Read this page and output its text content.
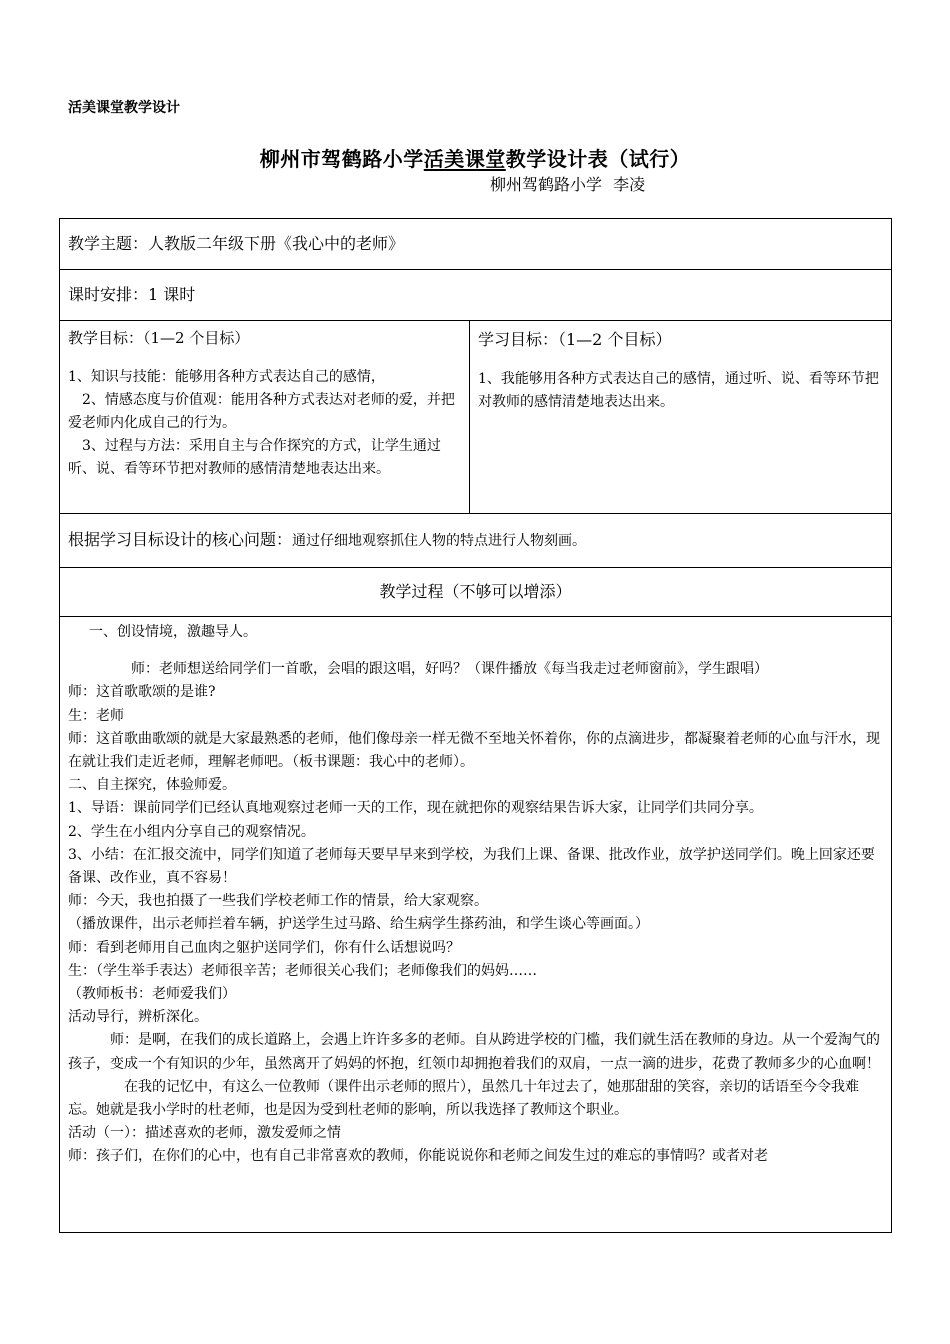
活美课堂教学设计
柳州市驾鹤路小学活美课堂教学设计表（试行）
柳州驾鹤路小学 李凌
教学主题：人教版二年级下册《我心中的老师》

课时安排：1 课时

教学目标：（1—2 个目标）

1、知识与技能：能够用各种方式表达自己的感情，

2、情感态度与价值观：能用各种方式表达对老师的爱，并把爱老师内化成自己的行为。

3、过程与方法：采用自主与合作探究的方式，让学生通过听、说、看等环节把对教师的感情清楚地表达出来。

学习目标：（1—2 个目标）
1、我能够用各种方式表达自己的感情，通过听、说、看等环节把对教师的感情清楚地表达出来。

根据学习目标设计的核心问题：通过仔细地观察抓住人物的特点进行人物刻画。

教学过程（不够可以增添）

一、创设情境，激趣导人。

师：老师想送给同学们一首歌，会唱的跟这唱，好吗？（课件播放《每当我走过老师窗前》，学生跟唱）

师：这首歌歌颂的是谁?

生：老师

师：这首歌曲歌颂的就是大家最熟悉的老师，他们像母亲一样无微不至地关怀着你，你的点滴进步，都凝聚着老师的心血与汗水，现在就让我们走近老师，理解老师吧。（板书课题：我心中的老师）。

二、自主探究，体验师爱。

1、导语：课前同学们已经认真地观察过老师一天的工作，现在就把你的观察结果告诉大家，让同学们共同分享。

2、学生在小组内分享自己的观察情况。

3、小结：在汇报交流中，同学们知道了老师每天要早早来到学校，为我们上课、备课、批改作业，放学护送同学们。晚上回家还要备课、改作业，真不容易！

师：今天，我也拍摄了一些我们学校老师工作的情景，给大家观察。

（播放课件，出示老师拦着车辆，护送学生过马路、给生病学生搽药油，和学生谈心等画面。）

师：看到老师用自己血肉之躯护送同学们，你有什么话想说吗？

生：（学生举手表达）老师很辛苦；老师很关心我们；老师像我们的妈妈……

（教师板书：老师爱我们）

活动导行，辨析深化。

师：是啊，在我们的成长道路上，会遇上许许多多的老师。自从跨进学校的门槛，我们就生活在教师的身边。从一个爱淘气的孩子，变成一个有知识的少年，虽然离开了妈妈的怀抱，红领巾却拥抱着我们的双肩，一点一滴的进步，花费了教师多少的心血啊！

在我的记忆中，有这么一位教师（课件出示老师的照片），虽然几十年过去了，她那甜甜的笑容，亲切的话语至今令我难忘。她就是我小学时的杜老师，也是因为受到杜老师的影响，所以我选择了教师这个职业。

活动（一）：描述喜欢的老师，激发爱师之情

师：孩子们，在你们的心中，也有自己非常喜欢的教师，你能说说你和老师之间发生过的难忘的事情吗？或者对老
